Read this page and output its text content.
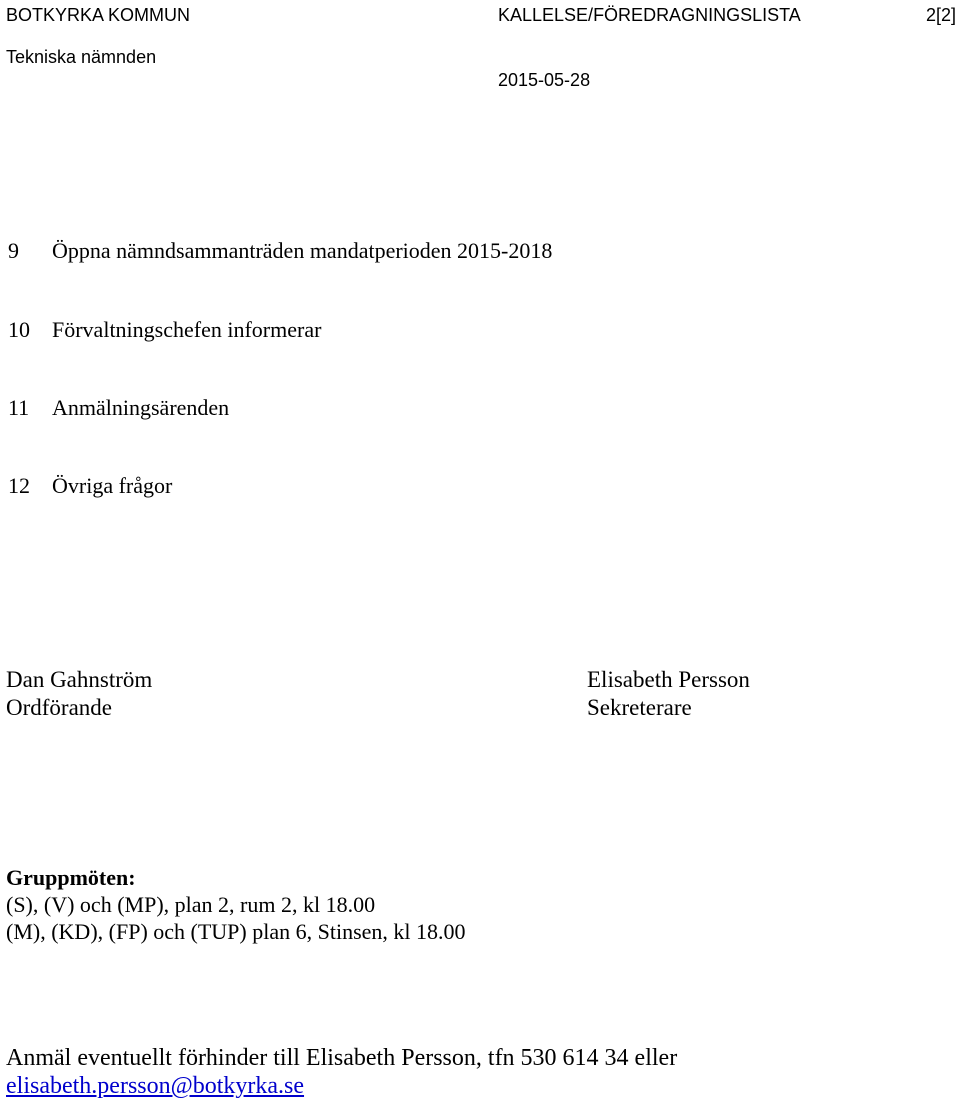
BOTKYRKA KOMMUN	KALLELSE/FÖREDRAGNINGSLISTA	2[2]
Tekniska nämnden
2015-05-28
9	Öppna nämndsammanträden mandatperioden 2015-2018
10	Förvaltningschefen informerar
11	Anmälningsärenden
12	Övriga frågor
Dan Gahnström
Ordförande
Elisabeth Persson
Sekreterare
Gruppmöten:
(S), (V) och (MP), plan 2, rum 2, kl 18.00
(M), (KD), (FP) och (TUP) plan 6, Stinsen, kl 18.00
Anmäl eventuellt förhinder till Elisabeth Persson, tfn 530 614 34 eller
elisabeth.persson@botkyrka.se
